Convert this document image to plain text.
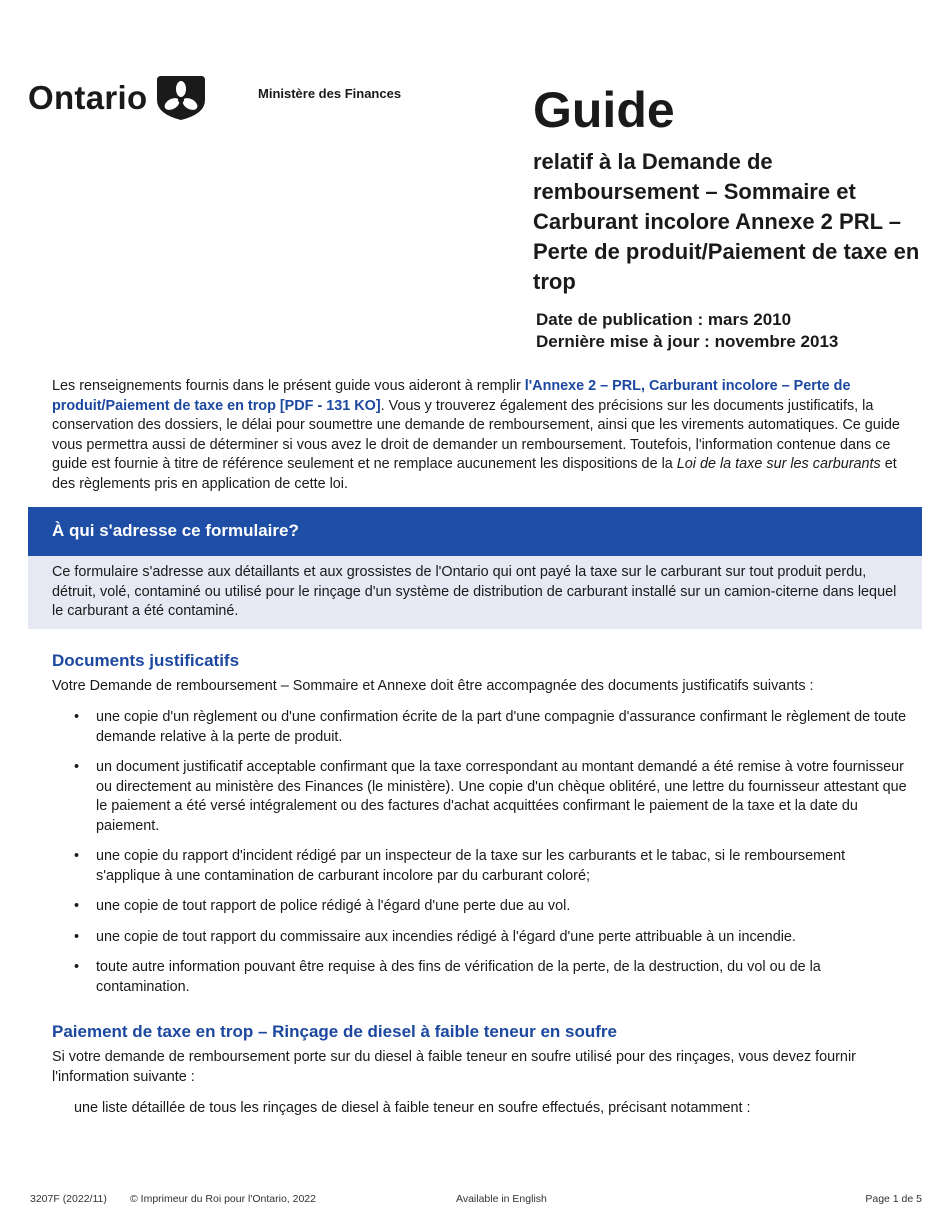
Ontario	Ministère des Finances	Guide
relatif à la Demande de remboursement – Sommaire et Carburant incolore Annexe 2 PRL – Perte de produit/Paiement de taxe en trop
Date de publication : mars 2010
Dernière mise à jour : novembre 2013
Les renseignements fournis dans le présent guide vous aideront à remplir l'Annexe 2 – PRL, Carburant incolore – Perte de produit/Paiement de taxe en trop [PDF - 131 KO]. Vous y trouverez également des précisions sur les documents justificatifs, la conservation des dossiers, le délai pour soumettre une demande de remboursement, ainsi que les virements automatiques. Ce guide vous permettra aussi de déterminer si vous avez le droit de demander un remboursement. Toutefois, l'information contenue dans ce guide est fournie à titre de référence seulement et ne remplace aucunement les dispositions de la Loi de la taxe sur les carburants et des règlements pris en application de cette loi.
À qui s'adresse ce formulaire?
Ce formulaire s'adresse aux détaillants et aux grossistes de l'Ontario qui ont payé la taxe sur le carburant sur tout produit perdu, détruit, volé, contaminé ou utilisé pour le rinçage d'un système de distribution de carburant installé sur un camion-citerne dans lequel le carburant a été contaminé.
Documents justificatifs
Votre Demande de remboursement – Sommaire et Annexe doit être accompagnée des documents justificatifs suivants :
• une copie d'un règlement ou d'une confirmation écrite de la part d'une compagnie d'assurance confirmant le règlement de toute demande relative à la perte de produit.
• un document justificatif acceptable confirmant que la taxe correspondant au montant demandé a été remise à votre fournisseur ou directement au ministère des Finances (le ministère). Une copie d'un chèque oblitéré, une lettre du fournisseur attestant que le paiement a été versé intégralement ou des factures d'achat acquittées confirmant le paiement de la taxe et la date du paiement.
• une copie du rapport d'incident rédigé par un inspecteur de la taxe sur les carburants et le tabac, si le remboursement s'applique à une contamination de carburant incolore par du carburant coloré;
• une copie de tout rapport de police rédigé à l'égard d'une perte due au vol.
• une copie de tout rapport du commissaire aux incendies rédigé à l'égard d'une perte attribuable à un incendie.
• toute autre information pouvant être requise à des fins de vérification de la perte, de la destruction, du vol ou de la contamination.
Paiement de taxe en trop – Rinçage de diesel à faible teneur en soufre
Si votre demande de remboursement porte sur du diesel à faible teneur en soufre utilisé pour des rinçages, vous devez fournir l'information suivante :
une liste détaillée de tous les rinçages de diesel à faible teneur en soufre effectués, précisant notamment :
3207F (2022/11) © Imprimeur du Roi pour l'Ontario, 2022	Available in English	Page 1 de 5
